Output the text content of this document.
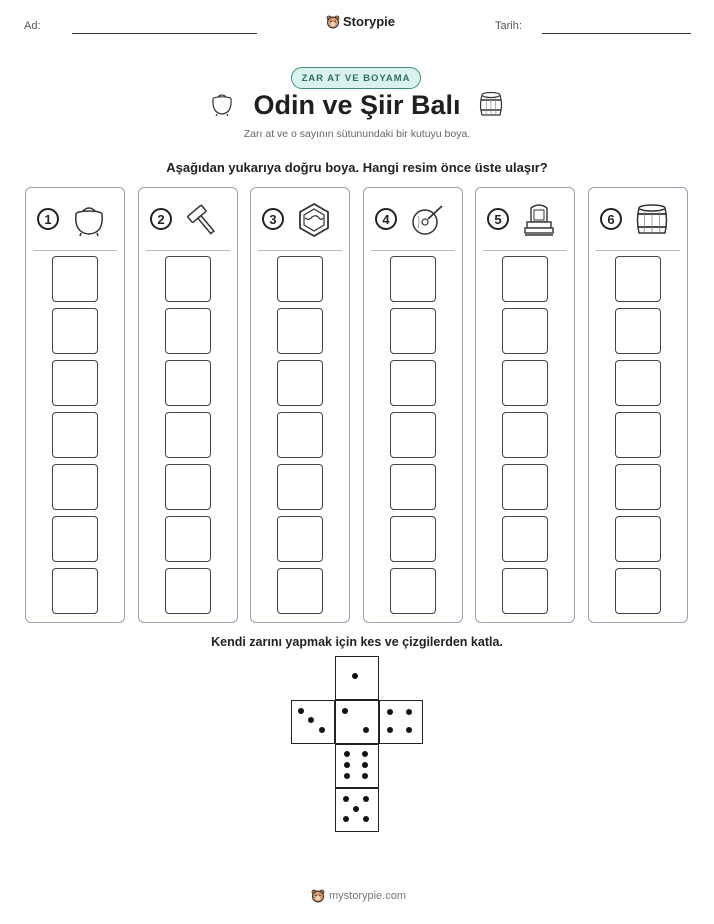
Ad:	Storypie	Tarih:
ZAR AT VE BOYAMA
Odin ve Şiir Balı
Zarı at ve o sayının sütunundaki bir kutuyu boya.
Aşağıdan yukarıya doğru boya. Hangi resim önce üste ulaşır?
1	2	3	4	5	6
Kendi zarını yapmak için kes ve çizgilerden katla.
mystorypie.com
